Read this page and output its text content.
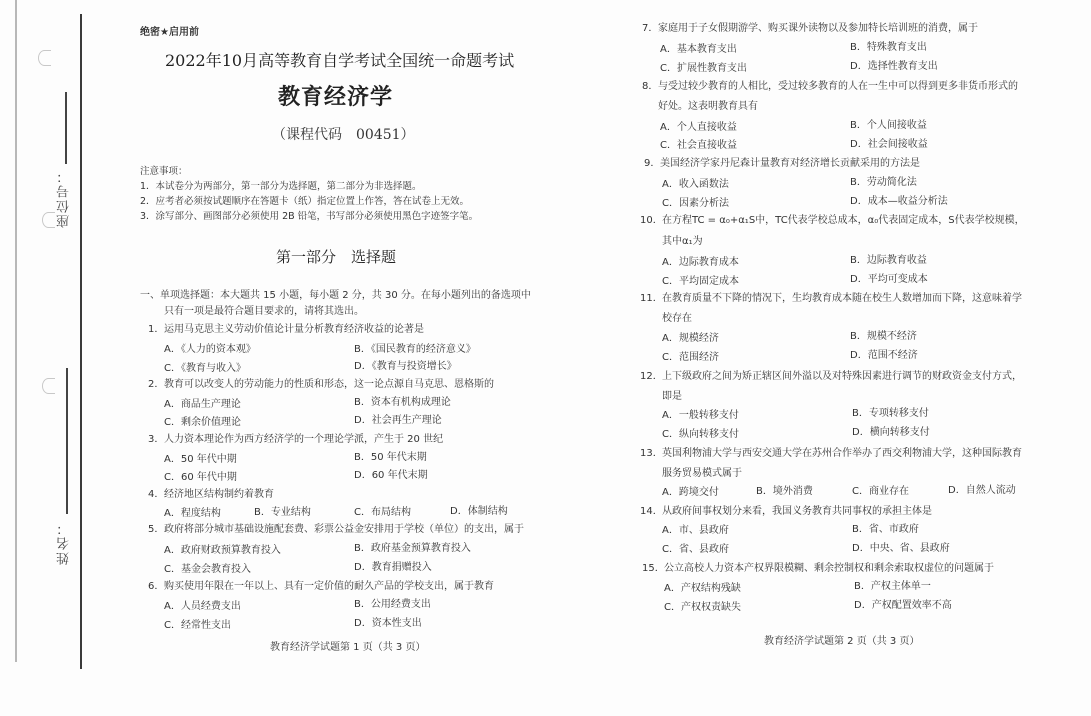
座位号：
姓名：
绝密★启用前
2022年10月高等教育自学考试全国统一命题考试
教育经济学
（课程代码　00451）
注意事项：
1．本试卷分为两部分，第一部分为选择题，第二部分为非选择题。
2．应考者必须按试题顺序在答题卡（纸）指定位置上作答，答在试卷上无效。
3．涂写部分、画图部分必须使用 2B 铅笔，书写部分必须使用黑色字迹签字笔。
第一部分　选择题
一、单项选择题：本大题共 15 小题，每小题 2 分，共 30 分。在每小题列出的备选项中
只有一项是最符合题目要求的，请将其选出。
1． 运用马克思主义劳动价值论计量分析教育经济收益的论著是
A．《人力的资本观》	B．《国民教育的经济意义》
C．《教育与收入》	D．《教育与投资增长》
2． 教育可以改变人的劳动能力的性质和形态，这一论点源自马克思、恩格斯的
A．商品生产理论	B．资本有机构成理论
C．剩余价值理论	D．社会再生产理论
3． 人力资本理论作为西方经济学的一个理论学派，产生于 20 世纪
A．50 年代中期	B．50 年代末期
C．60 年代中期	D．60 年代末期
4． 经济地区结构制约着教育
A．程度结构	B．专业结构	C．布局结构	D．体制结构
5． 政府将部分城市基础设施配套费、彩票公益金安排用于学校（单位）的支出，属于
A．政府财政预算教育投入	B．政府基金预算教育投入
C．基金会教育投入	D．教育捐赠投入
6． 购买使用年限在一年以上、具有一定价值的耐久产品的学校支出，属于教育
A．人员经费支出	B．公用经费支出
C．经常性支出	D．资本性支出
教育经济学试题第 1 页（共 3 页）
7． 家庭用于子女假期游学、购买课外读物以及参加特长培训班的消费，属于
A．基本教育支出	B．特殊教育支出
C．扩展性教育支出	D．选择性教育支出
8． 与受过较少教育的人相比，受过较多教育的人在一生中可以得到更多非货币形式的
好处。这表明教育具有
A．个人直接收益	B．个人间接收益
C．社会直接收益	D．社会间接收益
9． 美国经济学家丹尼森计量教育对经济增长贡献采用的方法是
A．收入函数法	B．劳动简化法
C．因素分析法	D．成本—收益分析法
10． 在方程TC = α₀+α₁S中，TC代表学校总成本，α₀代表固定成本，S代表学校规模，
其中α₁为
A．边际教育成本	B．边际教育收益
C．平均固定成本	D．平均可变成本
11． 在教育质量不下降的情况下，生均教育成本随在校生人数增加而下降，这意味着学
校存在
A．规模经济	B．规模不经济
C．范围经济	D．范围不经济
12． 上下级政府之间为矫正辖区间外溢以及对特殊因素进行调节的财政资金支付方式，
即是
A．一般转移支付	B．专项转移支付
C．纵向转移支付	D．横向转移支付
13． 英国利物浦大学与西安交通大学在苏州合作举办了西交利物浦大学，这种国际教育
服务贸易模式属于
A．跨境交付	B．境外消费	C．商业存在	D．自然人流动
14． 从政府间事权划分来看，我国义务教育共同事权的承担主体是
A．市、县政府	B．省、市政府
C．省、县政府	D．中央、省、县政府
15． 公立高校人力资本产权界限模糊、剩余控制权和剩余索取权虚位的问题属于
A．产权结构残缺	B．产权主体单一
C．产权权责缺失	D．产权配置效率不高
教育经济学试题第 2 页（共 3 页）
